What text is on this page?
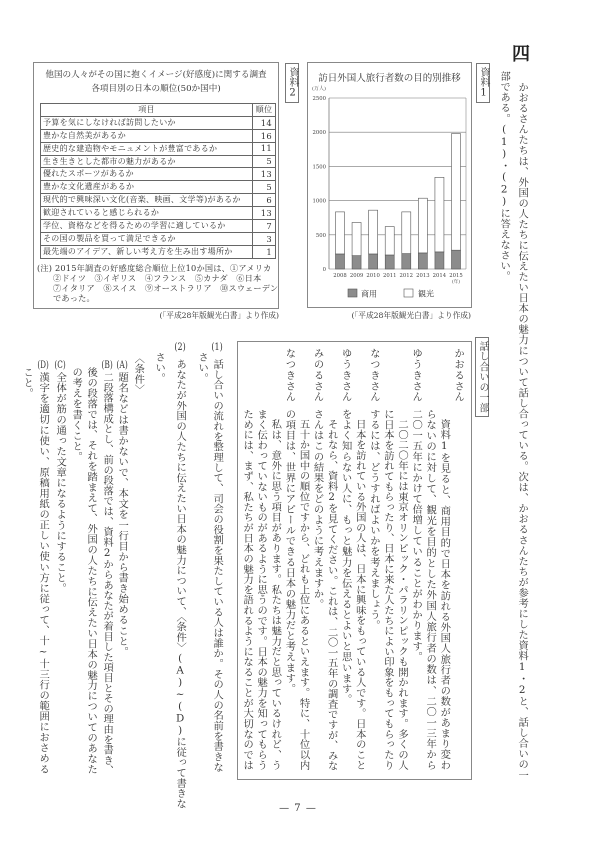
四
かおるさんたちは、外国の人たちに伝えたい日本の魅力について話し合っている。次は、かおるさんたちが参考にした資料1・2と、話し合いの一
部である。(1)・(2)に答えなさい。
資料1
訪日外国人旅行者数の目的別推移
(万人)
(年)
商用	観光
0
500
1000
1500
2000
2500
2008 2009 2010 2011 2012 2013 2014 2015
(「平成28年版観光白書」より作成)
資料2
他国の人々がその国に抱くイメージ(好感度)に関する調査
各項目別の日本の順位(50か国中)
項目	順位
予算を気にしなければ訪問したいか	14
豊かな自然美があるか	16
歴史的な建造物やモニュメントが豊富であるか	11
生き生きとした都市の魅力があるか	5
優れたスポーツがあるか	13
豊かな文化遺産があるか	5
現代的で興味深い文化(音楽、映画、文学等)があるか	6
歓迎されていると感じられるか	13
学位、資格などを得るための学習に適しているか	7
その国の製品を買って満足できるか	3
最先端のアイデア、新しい考え方を生み出す場所か	1
(注) 2015年調査の好感度総合順位上位10か国は、①アメリカ
②ドイツ　③イギリス　④フランス　⑤カナダ　⑥日本
⑦イタリア　⑧スイス　⑨オーストラリア　⑩スウェーデン
であった。
(「平成28年版観光白書」より作成)
話し合いの一部
かおるさん
資料1を見ると、商用目的で日本を訪れる外国人旅行者の数があまり変わ
らないのに対して、観光を目的とした外国人旅行者の数は、二〇一三年から
二〇一五年にかけて倍増していることがわかります。
ゆうきさん
二〇二〇年には東京オリンピック・パラリンピックも開かれます。多くの人
に日本を訪れてもらったり、日本に来た人たちによい印象をもってもらったり
するには、どうすればよいかを考えましょう。
なつきさん
日本を訪れている外国の人は、日本に興味をもっている人です。日本のこと
をよく知らない人に、もっと魅力を伝えるとよいと思います。
ゆうきさん
それなら、資料2を見てください。これは、二〇一五年の調査ですが、みな
さんはこの結果をどのように考えますか。
みのるさん
五十か国中の順位ですから、どれも上位にあるといえます。特に、十位以内
の項目は、世界にアピールできる日本の魅力だと考えます。
なつきさん
私は、意外に思う項目があります。私たちは魅力だと思っているけれど、う
まく伝わっていないものがあるように思うのです。日本の魅力を知ってもらう
ためには、まず、私たちが日本の魅力を語れるようになることが大切なのでは
(1)
話し合いの流れを整理して、司会の役割を果たしている人は誰か。その人の名前を書きな
さい。
(2)
あなたが外国の人たちに伝えたい日本の魅力について、〈条件〉(A)~(D)に従って書きな
さい。
〈条件〉
(A)
題名などは書かないで、本文を一行目から書き始めること。
(B)
二段落構成とし、前の段落では、資料2からあなたが着目した項目とその理由を書き、
後の段落では、それを踏まえて、外国の人たちに伝えたい日本の魅力についてのあなた
の考えを書くこと。
(C)
全体が筋の通った文章になるようにすること。
(D)
漢字を適切に使い、原稿用紙の正しい使い方に従って、十~十三行の範囲におさめる
こと。
— 7 —
